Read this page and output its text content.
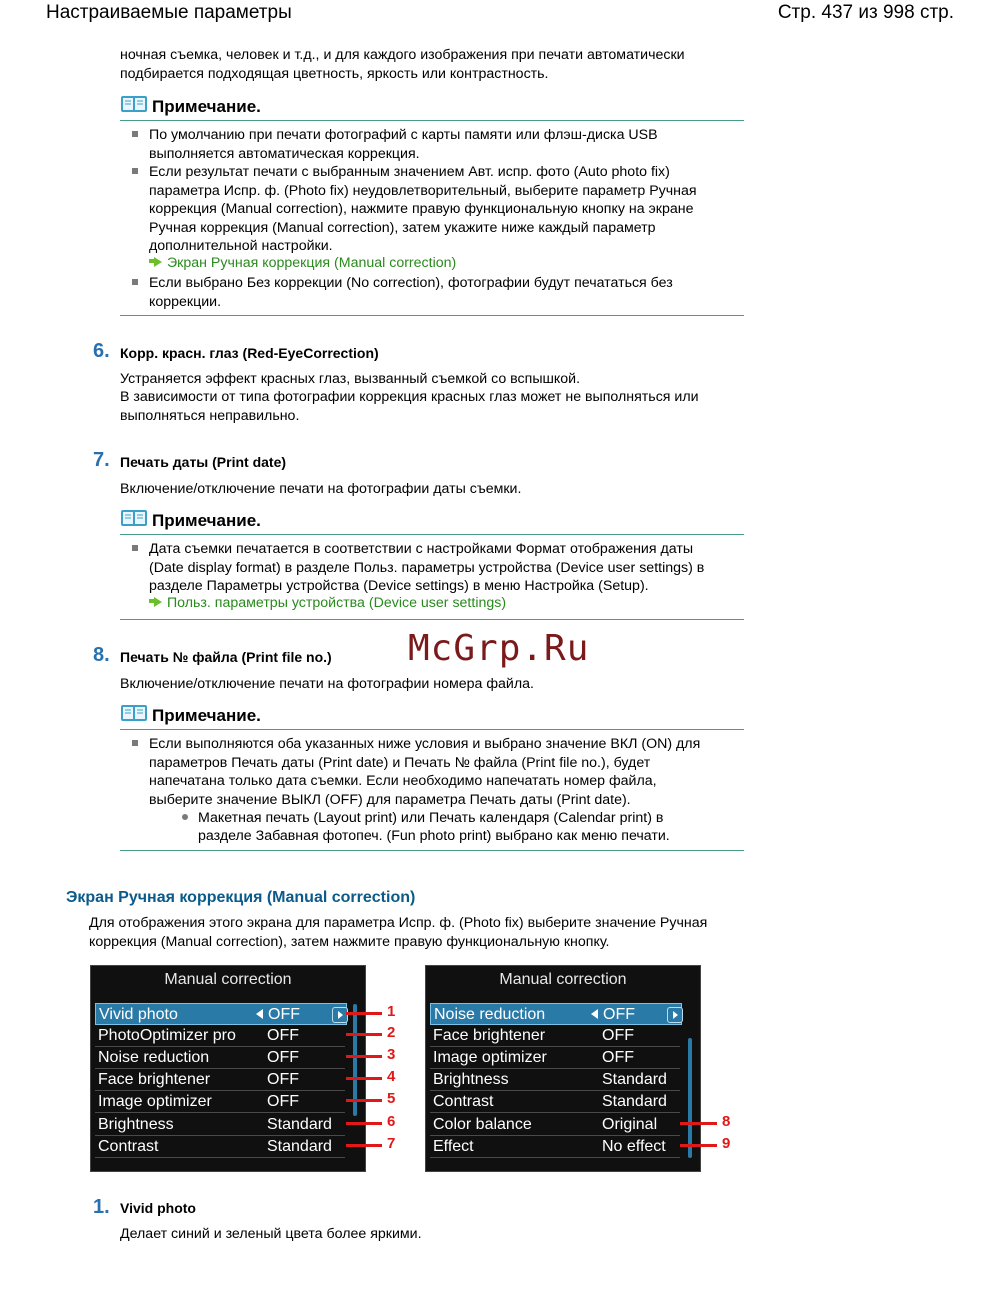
Настраиваемые параметры	Стр. 437 из 998 стр.
ночная съемка, человек и т.д., и для каждого изображения при печати автоматически
подбирается подходящая цветность, яркость или контрастность.
Примечание.
По умолчанию при печати фотографий с карты памяти или флэш-диска USB
выполняется автоматическая коррекция.
Если результат печати с выбранным значением Авт. испр. фото (Auto photo fix)
параметра Испр. ф. (Photo fix) неудовлетворительный, выберите параметр Ручная
коррекция (Manual correction), нажмите правую функциональную кнопку на экране
Ручная коррекция (Manual correction), затем укажите ниже каждый параметр
дополнительной настройки.
Экран Ручная коррекция (Manual correction)
Если выбрано Без коррекции (No correction), фотографии будут печататься без
коррекции.
6. Корр. красн. глаз (Red-EyeCorrection)
Устраняется эффект красных глаз, вызванный съемкой со вспышкой.
В зависимости от типа фотографии коррекция красных глаз может не выполняться или
выполняться неправильно.
7. Печать даты (Print date)
Включение/отключение печати на фотографии даты съемки.
Примечание.
Дата съемки печатается в соответствии с настройками Формат отображения даты
(Date display format) в разделе Польз. параметры устройства (Device user settings) в
разделе Параметры устройства (Device settings) в меню Настройка (Setup).
Польз. параметры устройства (Device user settings)
McGrp.Ru
8. Печать № файла (Print file no.)
Включение/отключение печати на фотографии номера файла.
Примечание.
Если выполняются оба указанных ниже условия и выбрано значение ВКЛ (ON) для
параметров Печать даты (Print date) и Печать № файла (Print file no.), будет
напечатана только дата съемки. Если необходимо напечатать номер файла,
выберите значение ВЫКЛ (OFF) для параметра Печать даты (Print date).
Макетная печать (Layout print) или Печать календаря (Calendar print) в
разделе Забавная фотопеч. (Fun photo print) выбрано как меню печати.
Экран Ручная коррекция (Manual correction)
Для отображения этого экрана для параметра Испр. ф. (Photo fix) выберите значение Ручная
коррекция (Manual correction), затем нажмите правую функциональную кнопку.
Manual correction
Vivid photo	OFF
PhotoOptimizer pro OFF
Noise reduction	OFF
Face brightener	OFF
Image optimizer	OFF
Brightness	Standard
Contrast	Standard
1
2
3
4
5
6
7
Manual correction
Noise reduction	OFF
Face brightener	OFF
Image optimizer	OFF
Brightness	Standard
Contrast	Standard
Color balance	Original
Effect	No effect
8
9
1. Vivid photo
Делает синий и зеленый цвета более яркими.
